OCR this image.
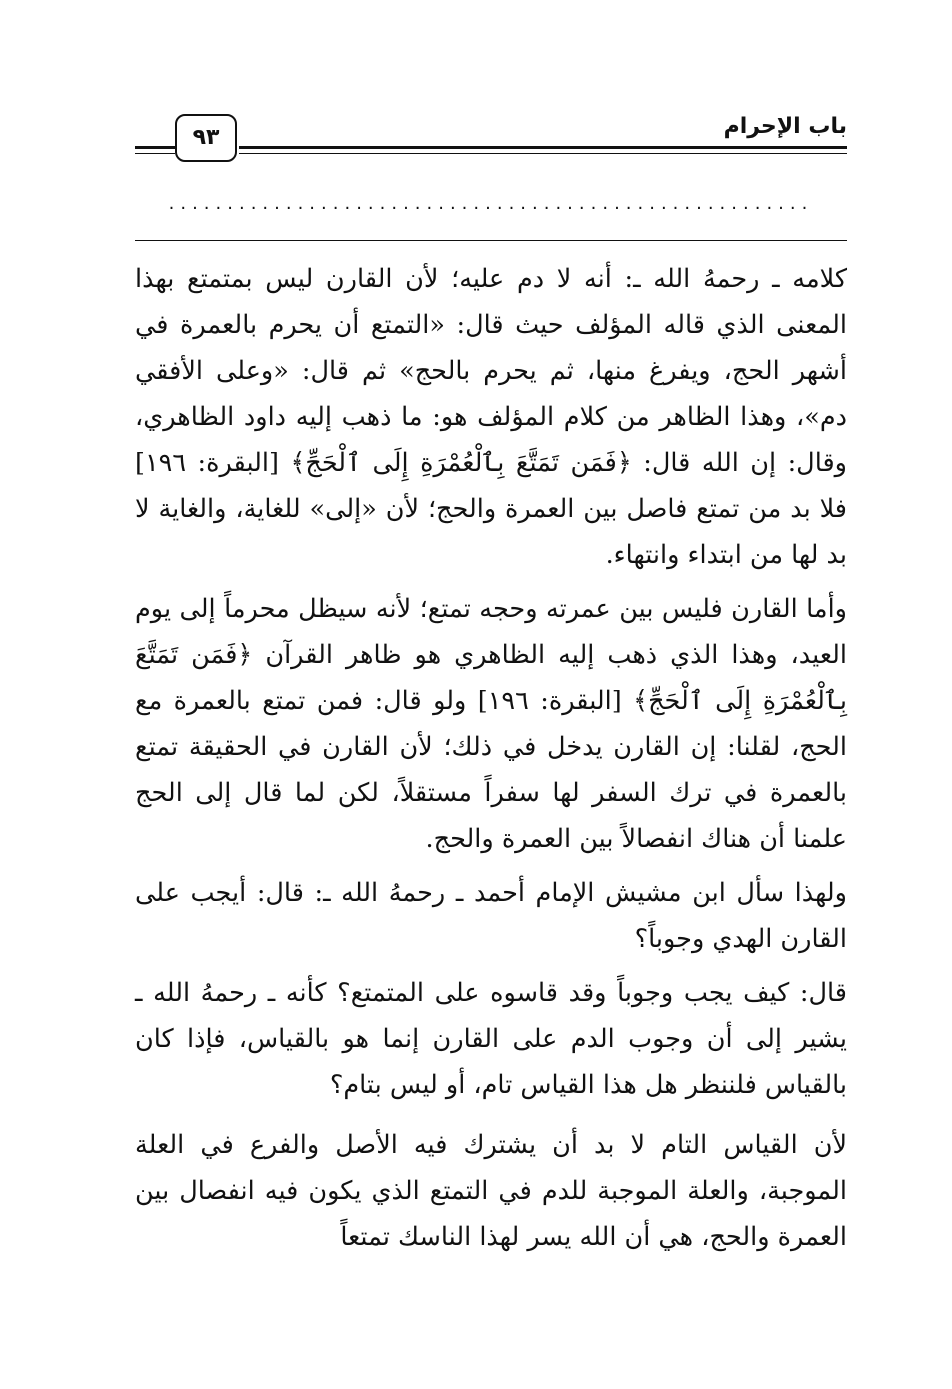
باب الإحرام
٩٣
.......................................................

كلامه ـ رحمهُ الله ـ: أنه لا دم عليه؛ لأن القارن ليس بمتمتع بهذا المعنى الذي قاله المؤلف حيث قال: «التمتع أن يحرم بالعمرة في أشهر الحج، ويفرغ منها، ثم يحرم بالحج» ثم قال: «وعلى الأفقي دم»، وهذا الظاهر من كلام المؤلف هو: ما ذهب إليه داود الظاهري، وقال: إن الله قال: ﴿فَمَن تَمَتَّعَ بِٱلْعُمْرَةِ إِلَى ٱلْحَجِّ﴾ [البقرة: ١٩٦] فلا بد من تمتع فاصل بين العمرة والحج؛ لأن «إلى» للغاية، والغاية لا بد لها من ابتداء وانتهاء.

وأما القارن فليس بين عمرته وحجه تمتع؛ لأنه سيظل محرماً إلى يوم العيد، وهذا الذي ذهب إليه الظاهري هو ظاهر القرآن ﴿فَمَن تَمَتَّعَ بِٱلْعُمْرَةِ إِلَى ٱلْحَجِّ﴾ [البقرة: ١٩٦] ولو قال: فمن تمتع بالعمرة مع الحج، لقلنا: إن القارن يدخل في ذلك؛ لأن القارن في الحقيقة تمتع بالعمرة في ترك السفر لها سفراً مستقلاً، لكن لما قال إلى الحج علمنا أن هناك انفصالاً بين العمرة والحج.

ولهذا سأل ابن مشيش الإمام أحمد ـ رحمهُ الله ـ: قال: أيجب على القارن الهدي وجوباً؟

قال: كيف يجب وجوباً وقد قاسوه على المتمتع؟ كأنه ـ رحمهُ الله ـ يشير إلى أن وجوب الدم على القارن إنما هو بالقياس، فإذا كان بالقياس فلننظر هل هذا القياس تام، أو ليس بتام؟

لأن القياس التام لا بد أن يشترك فيه الأصل والفرع في العلة الموجبة، والعلة الموجبة للدم في التمتع الذي يكون فيه انفصال بين العمرة والحج، هي أن الله يسر لهذا الناسك تمتعاً
